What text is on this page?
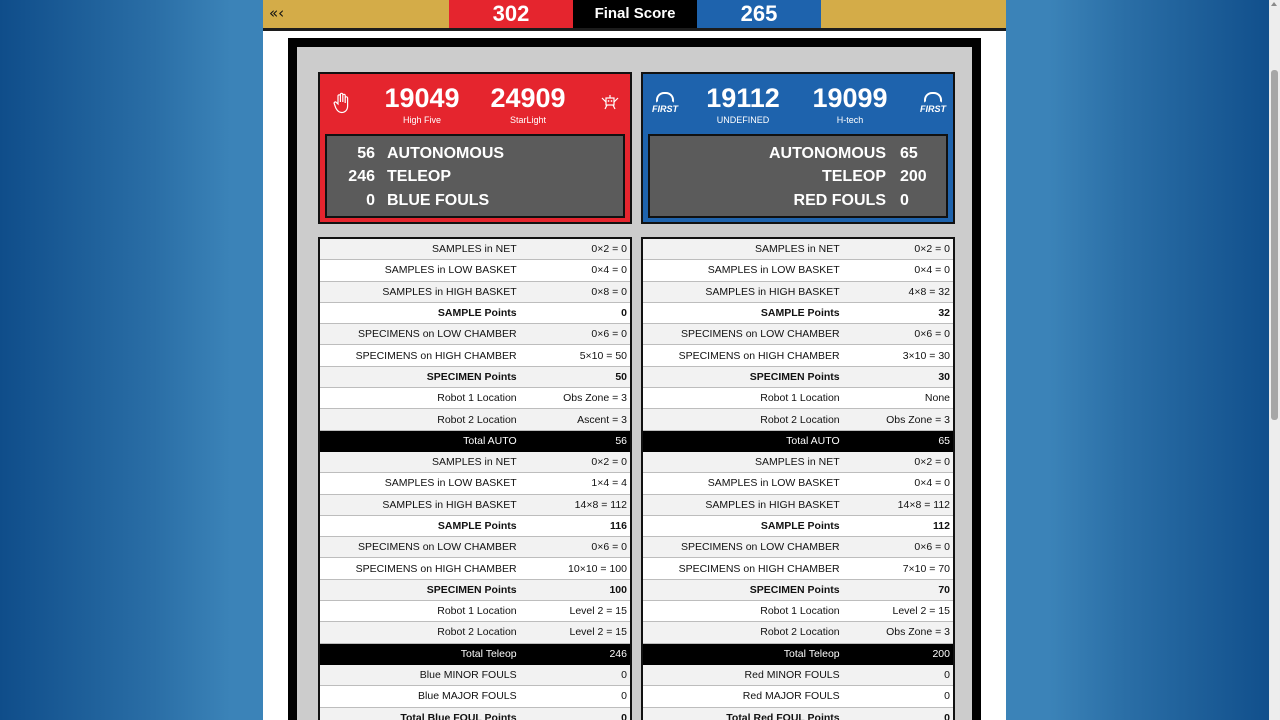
«‹	302	Final Score	265
19049
High Five
24909
StarLight
56 AUTONOMOUS
246 TELEOP
0 BLUE FOULS
FIRST	19112
UNDEFINED
19099
H-tech
FIRST
AUTONOMOUS 65
TELEOP 200
RED FOULS 0
SAMPLES in NET	0×2 = 0
SAMPLES in LOW BASKET	0×4 = 0
SAMPLES in HIGH BASKET	0×8 = 0
SAMPLE Points	0
SPECIMENS on LOW CHAMBER	0×6 = 0
SPECIMENS on HIGH CHAMBER	5×10 = 50
SPECIMEN Points	50
Robot 1 Location	Obs Zone = 3
Robot 2 Location	Ascent = 3
Total AUTO	56
SAMPLES in NET	0×2 = 0
SAMPLES in LOW BASKET	1×4 = 4
SAMPLES in HIGH BASKET	14×8 = 112
SAMPLE Points	116
SPECIMENS on LOW CHAMBER	0×6 = 0
SPECIMENS on HIGH CHAMBER	10×10 = 100
SPECIMEN Points	100
Robot 1 Location	Level 2 = 15
Robot 2 Location	Level 2 = 15
Total Teleop	246
Blue MINOR FOULS	0
Blue MAJOR FOULS	0
Total Blue FOUL Points	0
SAMPLES in NET	0×2 = 0
SAMPLES in LOW BASKET	0×4 = 0
SAMPLES in HIGH BASKET	4×8 = 32
SAMPLE Points	32
SPECIMENS on LOW CHAMBER	0×6 = 0
SPECIMENS on HIGH CHAMBER	3×10 = 30
SPECIMEN Points	30
Robot 1 Location	None
Robot 2 Location	Obs Zone = 3
Total AUTO	65
SAMPLES in NET	0×2 = 0
SAMPLES in LOW BASKET	0×4 = 0
SAMPLES in HIGH BASKET	14×8 = 112
SAMPLE Points	112
SPECIMENS on LOW CHAMBER	0×6 = 0
SPECIMENS on HIGH CHAMBER	7×10 = 70
SPECIMEN Points	70
Robot 1 Location	Level 2 = 15
Robot 2 Location	Obs Zone = 3
Total Teleop	200
Red MINOR FOULS	0
Red MAJOR FOULS	0
Total Red FOUL Points	0
